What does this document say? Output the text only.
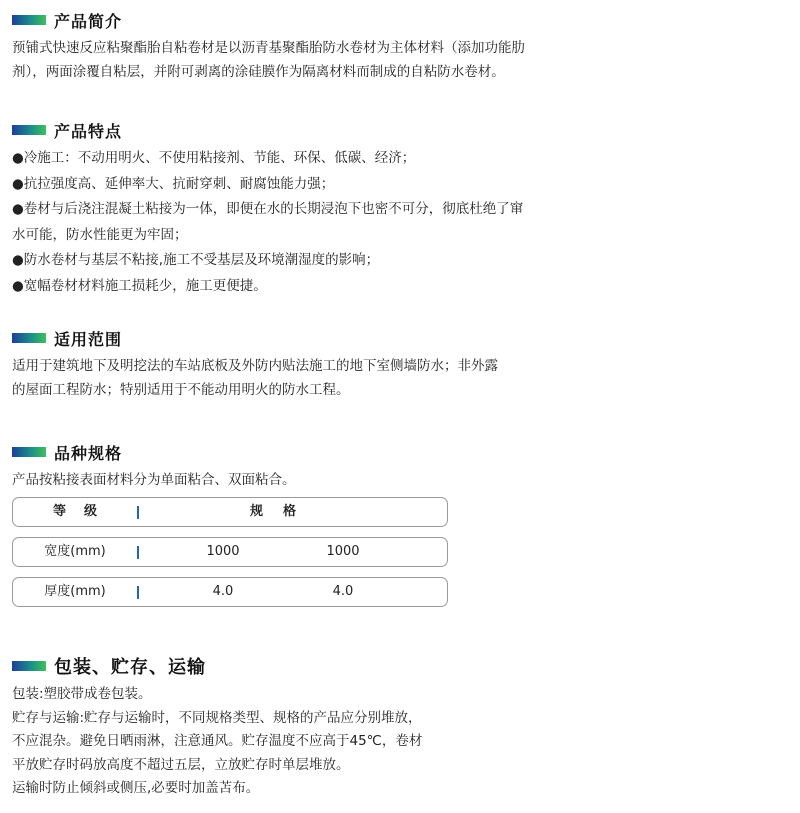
产品简介

预铺式快速反应粘聚酯胎自粘卷材是以沥青基聚酯胎防水卷材为主体材料（添加功能肋

剂），两面涂覆自粘层，并附可剥离的涂硅膜作为隔离材料而制成的自粘防水卷材。

产品特点

●冷施工：不动用明火、不使用粘接剂、节能、环保、低碳、经济；

●抗拉强度高、延伸率大、抗耐穿刺、耐腐蚀能力强；

●卷材与后浇注混凝土粘接为一体，即便在水的长期浸泡下也密不可分，彻底杜绝了窜

水可能，防水性能更为牢固；

●防水卷材与基层不粘接,施工不受基层及环境潮湿度的影响；

●宽幅卷材材料施工损耗少，施工更便捷。

适用范围

适用于建筑地下及明挖法的车站底板及外防内贴法施工的地下室侧墙防水；非外露

的屋面工程防水；特别适用于不能动用明火的防水工程。

品种规格
产品按粘接表面材料分为单面粘合、双面粘合。
等级	规格
宽度(mm)	1000	1000
厚度(mm)	4.0	4.0
包装、贮存、运输

包装:塑胶带成卷包装。

贮存与运输:贮存与运输时，不同规格类型、规格的产品应分别堆放，

不应混杂。避免日晒雨淋，注意通风。贮存温度不应高于45℃，卷材

平放贮存时码放高度不超过五层，立放贮存时单层堆放。

运输时防止倾斜或侧压,必要时加盖苫布。
